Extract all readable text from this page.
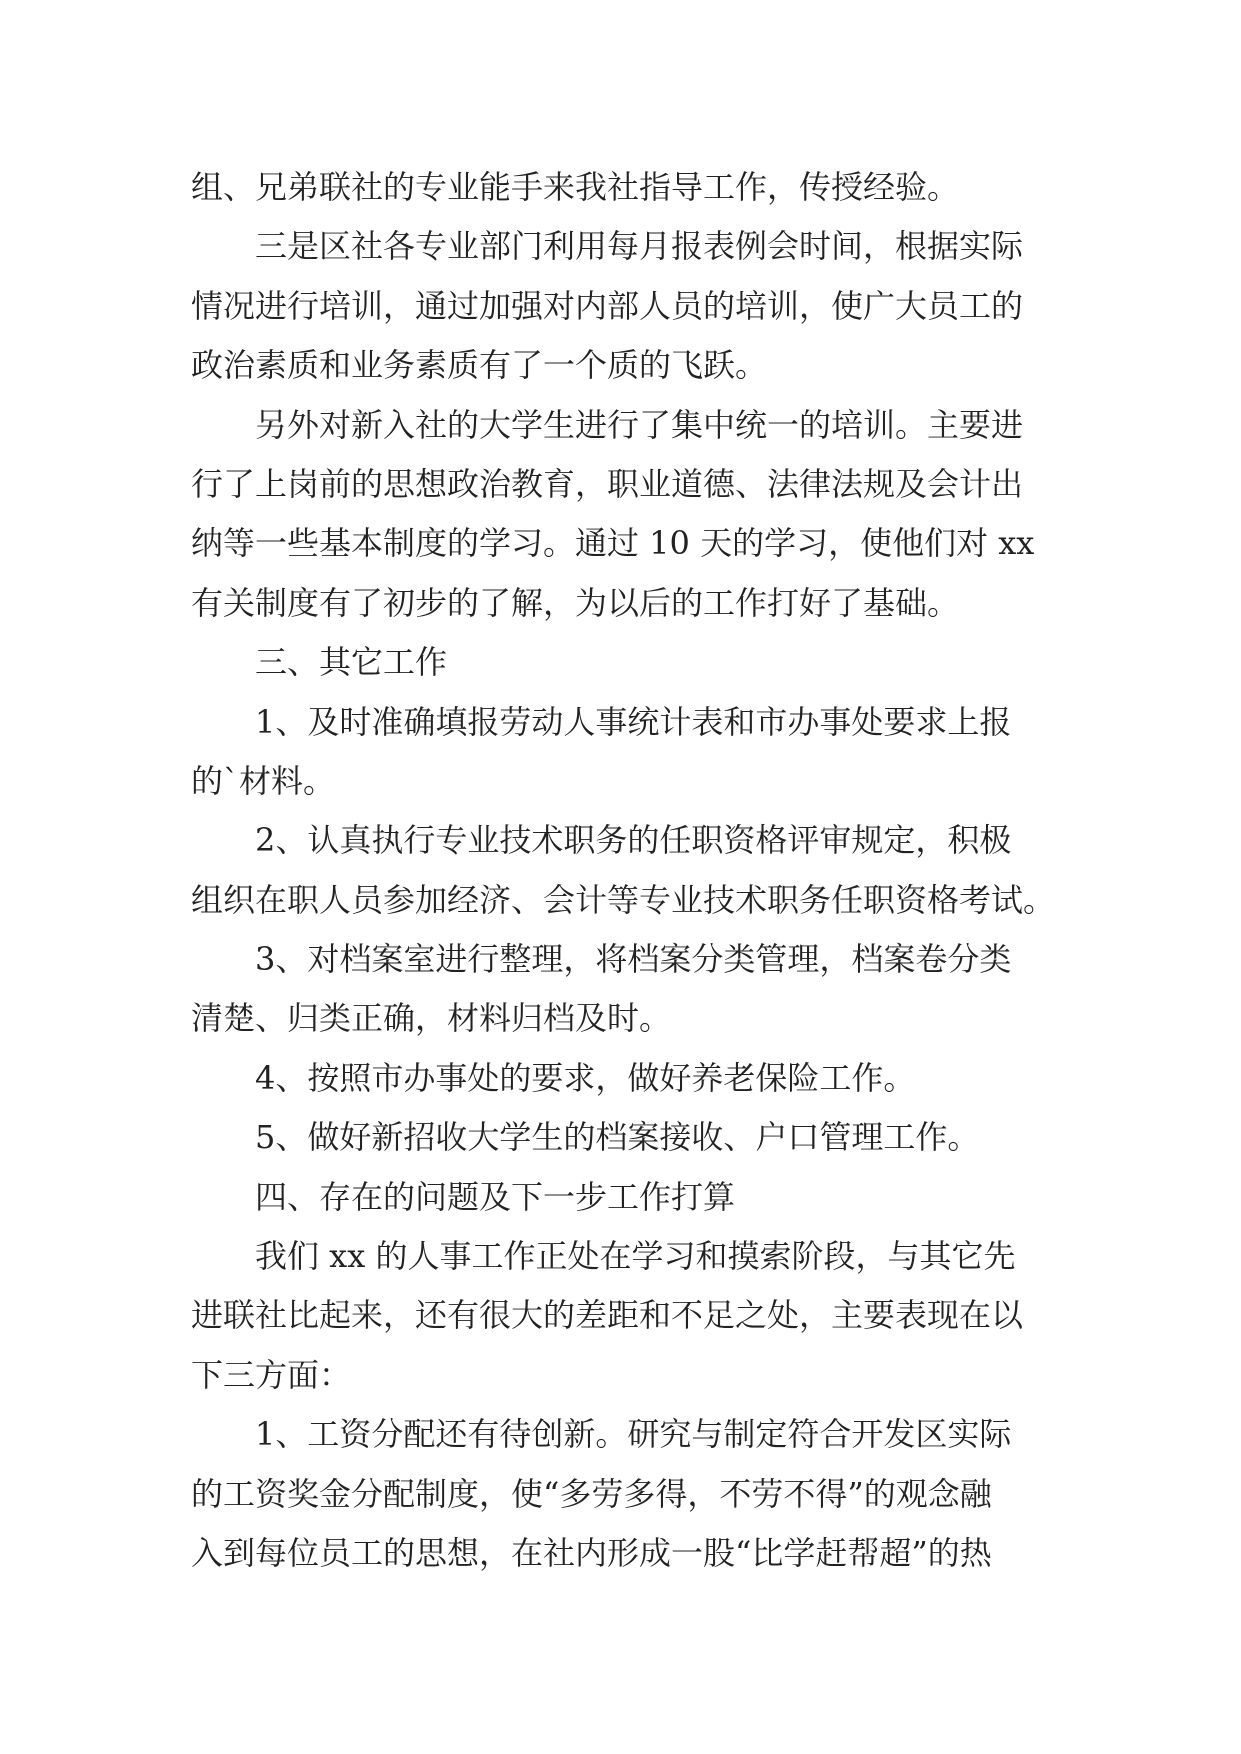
组、兄弟联社的专业能手来我社指导工作，传授经验。
三是区社各专业部门利用每月报表例会时间，根据实际
情况进行培训，通过加强对内部人员的培训，使广大员工的
政治素质和业务素质有了一个质的飞跃。
另外对新入社的大学生进行了集中统一的培训。主要进
行了上岗前的思想政治教育，职业道德、法律法规及会计出
纳等一些基本制度的学习。通过 10 天的学习，使他们对 xx
有关制度有了初步的了解，为以后的工作打好了基础。
三、其它工作
1、及时准确填报劳动人事统计表和市办事处要求上报
的`材料。
2、认真执行专业技术职务的任职资格评审规定，积极
组织在职人员参加经济、会计等专业技术职务任职资格考试。
3、对档案室进行整理，将档案分类管理，档案卷分类
清楚、归类正确，材料归档及时。
4、按照市办事处的要求，做好养老保险工作。
5、做好新招收大学生的档案接收、户口管理工作。
四、存在的问题及下一步工作打算
我们 xx 的人事工作正处在学习和摸索阶段，与其它先
进联社比起来，还有很大的差距和不足之处，主要表现在以
下三方面：
1、工资分配还有待创新。研究与制定符合开发区实际
的工资奖金分配制度，使“多劳多得，不劳不得”的观念融
入到每位员工的思想，在社内形成一股“比学赶帮超”的热
